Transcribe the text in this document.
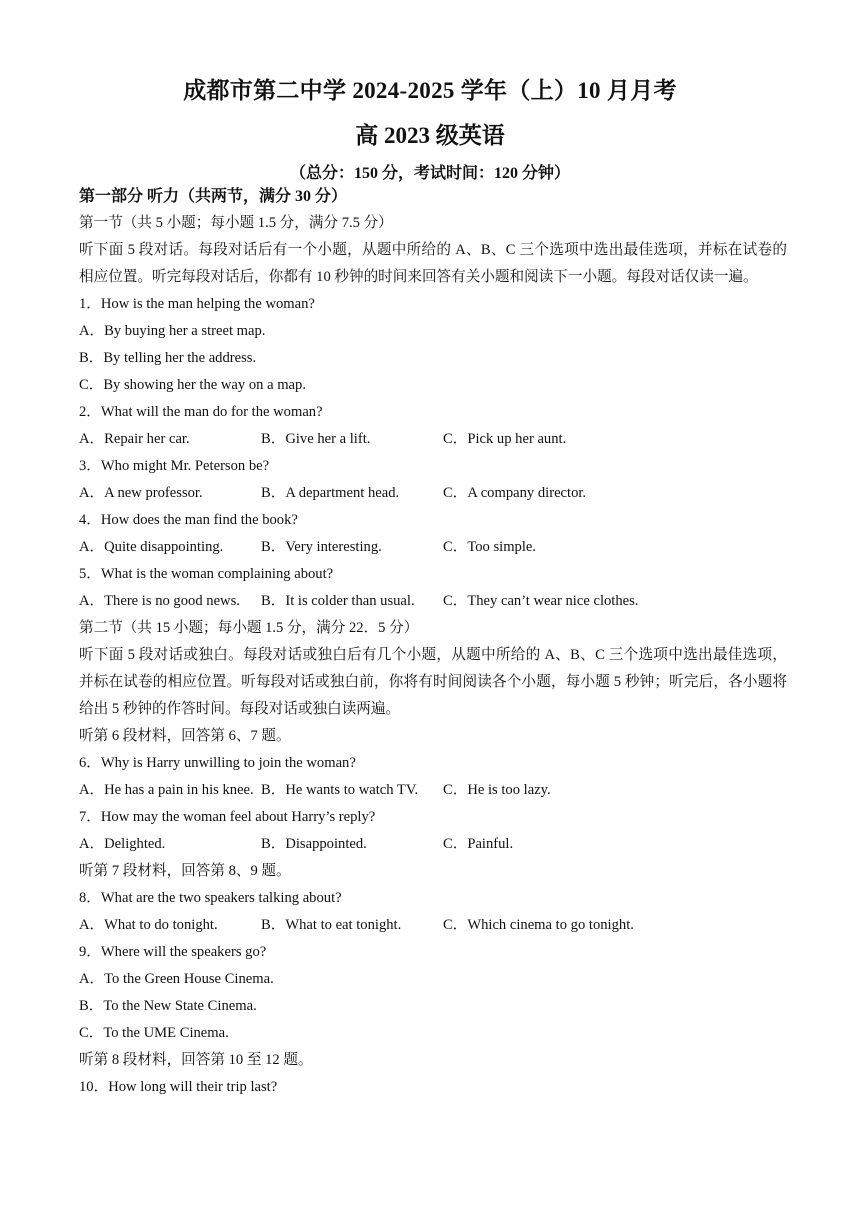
成都市第二中学 2024-2025 学年（上）10 月月考
高 2023 级英语
（总分：150 分，考试时间：120 分钟）
第一部分 听力（共两节，满分 30 分）
第一节（共 5 小题；每小题 1.5 分，满分 7.5 分）
听下面 5 段对话。每段对话后有一个小题，从题中所给的 A、B、C 三个选项中选出最佳选项，并标在试卷的相应位置。听完每段对话后，你都有 10 秒钟的时间来回答有关小题和阅读下一小题。每段对话仅读一遍。
1．How is the man helping the woman?
A．By buying her a street map.
B．By telling her the address.
C．By showing her the way on a map.
2．What will the man do for the woman?
A．Repair her car.	B．Give her a lift.	C．Pick up her aunt.
3．Who might Mr. Peterson be?
A．A new professor.	B．A department head.	C．A company director.
4．How does the man find the book?
A．Quite disappointing.	B．Very interesting.	C．Too simple.
5．What is the woman complaining about?
A．There is no good news.	B．It is colder than usual.	C．They can’t wear nice clothes.
第二节（共 15 小题；每小题 1.5 分，满分 22．5 分）
听下面 5 段对话或独白。每段对话或独白后有几个小题，从题中所给的 A、B、C 三个选项中选出最佳选项，并标在试卷的相应位置。听每段对话或独白前，你将有时间阅读各个小题，每小题 5 秒钟；听完后，各小题将给出 5 秒钟的作答时间。每段对话或独白读两遍。
听第 6 段材料，回答第 6、7 题。
6．Why is Harry unwilling to join the woman?
A．He has a pain in his knee. B．He wants to watch TV.	C．He is too lazy.
7．How may the woman feel about Harry’s reply?
A．Delighted.	B．Disappointed.	C．Painful.
听第 7 段材料，回答第 8、9 题。
8．What are the two speakers talking about?
A．What to do tonight.	B．What to eat tonight.	C．Which cinema to go tonight.
9．Where will the speakers go?
A．To the Green House Cinema.
B．To the New State Cinema.
C．To the UME Cinema.
听第 8 段材料，回答第 10 至 12 题。
10．How long will their trip last?
